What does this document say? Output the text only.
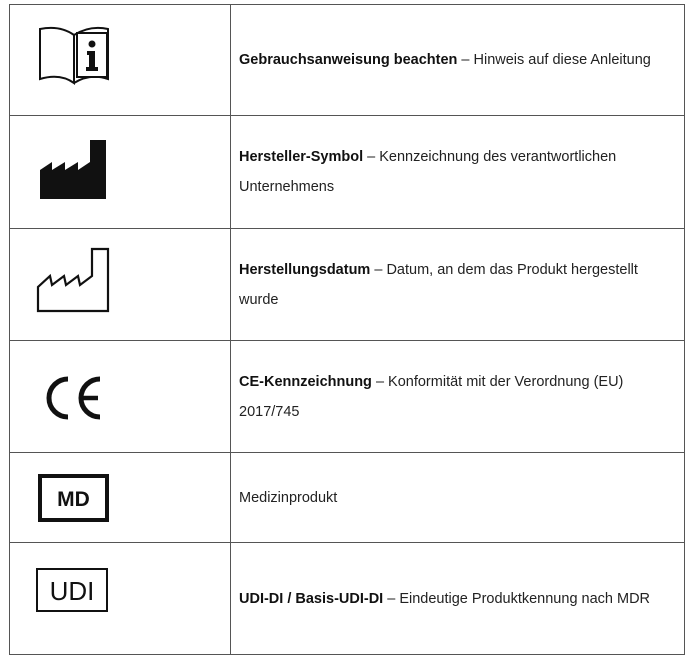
	Gebrauchsanweisung beachten – Hinweis auf diese Anleitung

	Hersteller-Symbol – Kennzeichnung des verantwortlichen Unternehmens

	Herstellungsdatum – Datum, an dem das Produkt hergestellt wurde

	CE-Kennzeichnung – Konformität mit der Verordnung (EU) 2017/745

MD	Medizinprodukt

UDI	UDI-DI / Basis-UDI-DI – Eindeutige Produktkennung nach MDR
